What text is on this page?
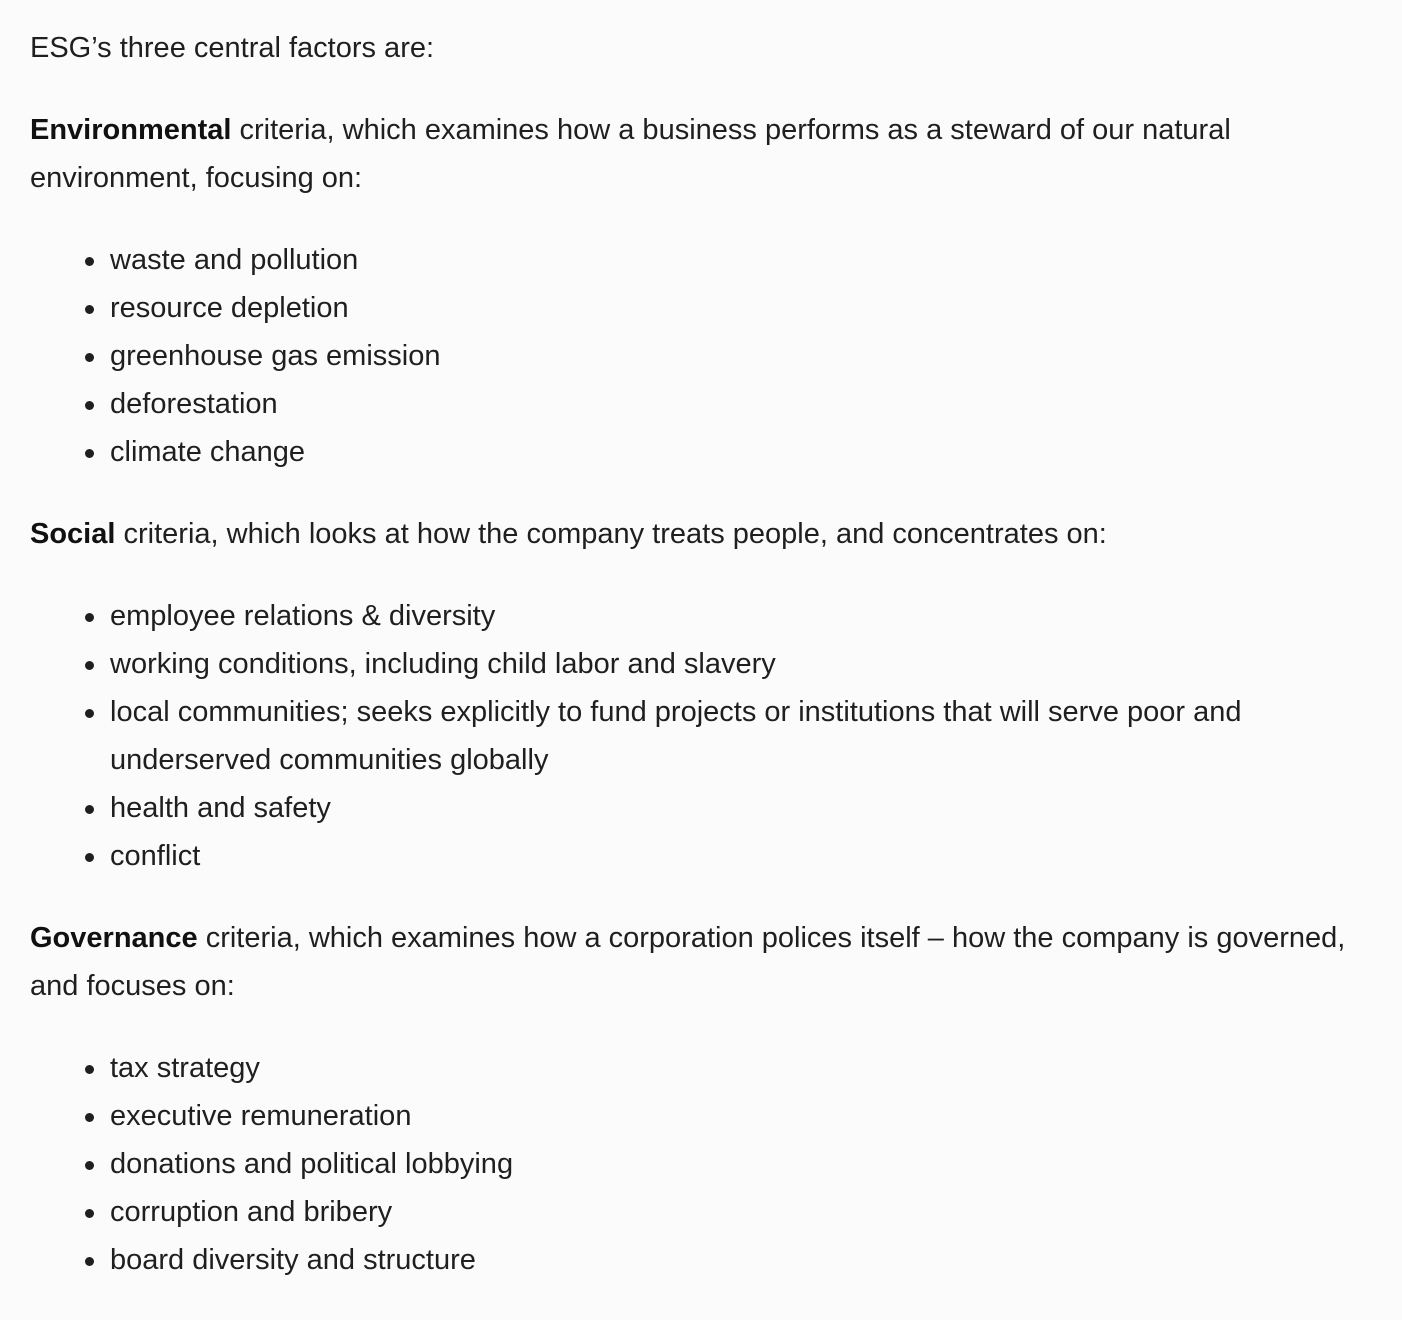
ESG’s three central factors are:

Environmental criteria, which examines how a business performs as a steward of our natural environment, focusing on:

waste and pollution
resource depletion
greenhouse gas emission
deforestation
climate change

Social criteria, which looks at how the company treats people, and concentrates on:

employee relations & diversity
working conditions, including child labor and slavery
local communities; seeks explicitly to fund projects or institutions that will serve poor and underserved communities globally
health and safety
conflict

Governance criteria, which examines how a corporation polices itself – how the company is governed, and focuses on:

tax strategy
executive remuneration
donations and political lobbying
corruption and bribery
board diversity and structure
